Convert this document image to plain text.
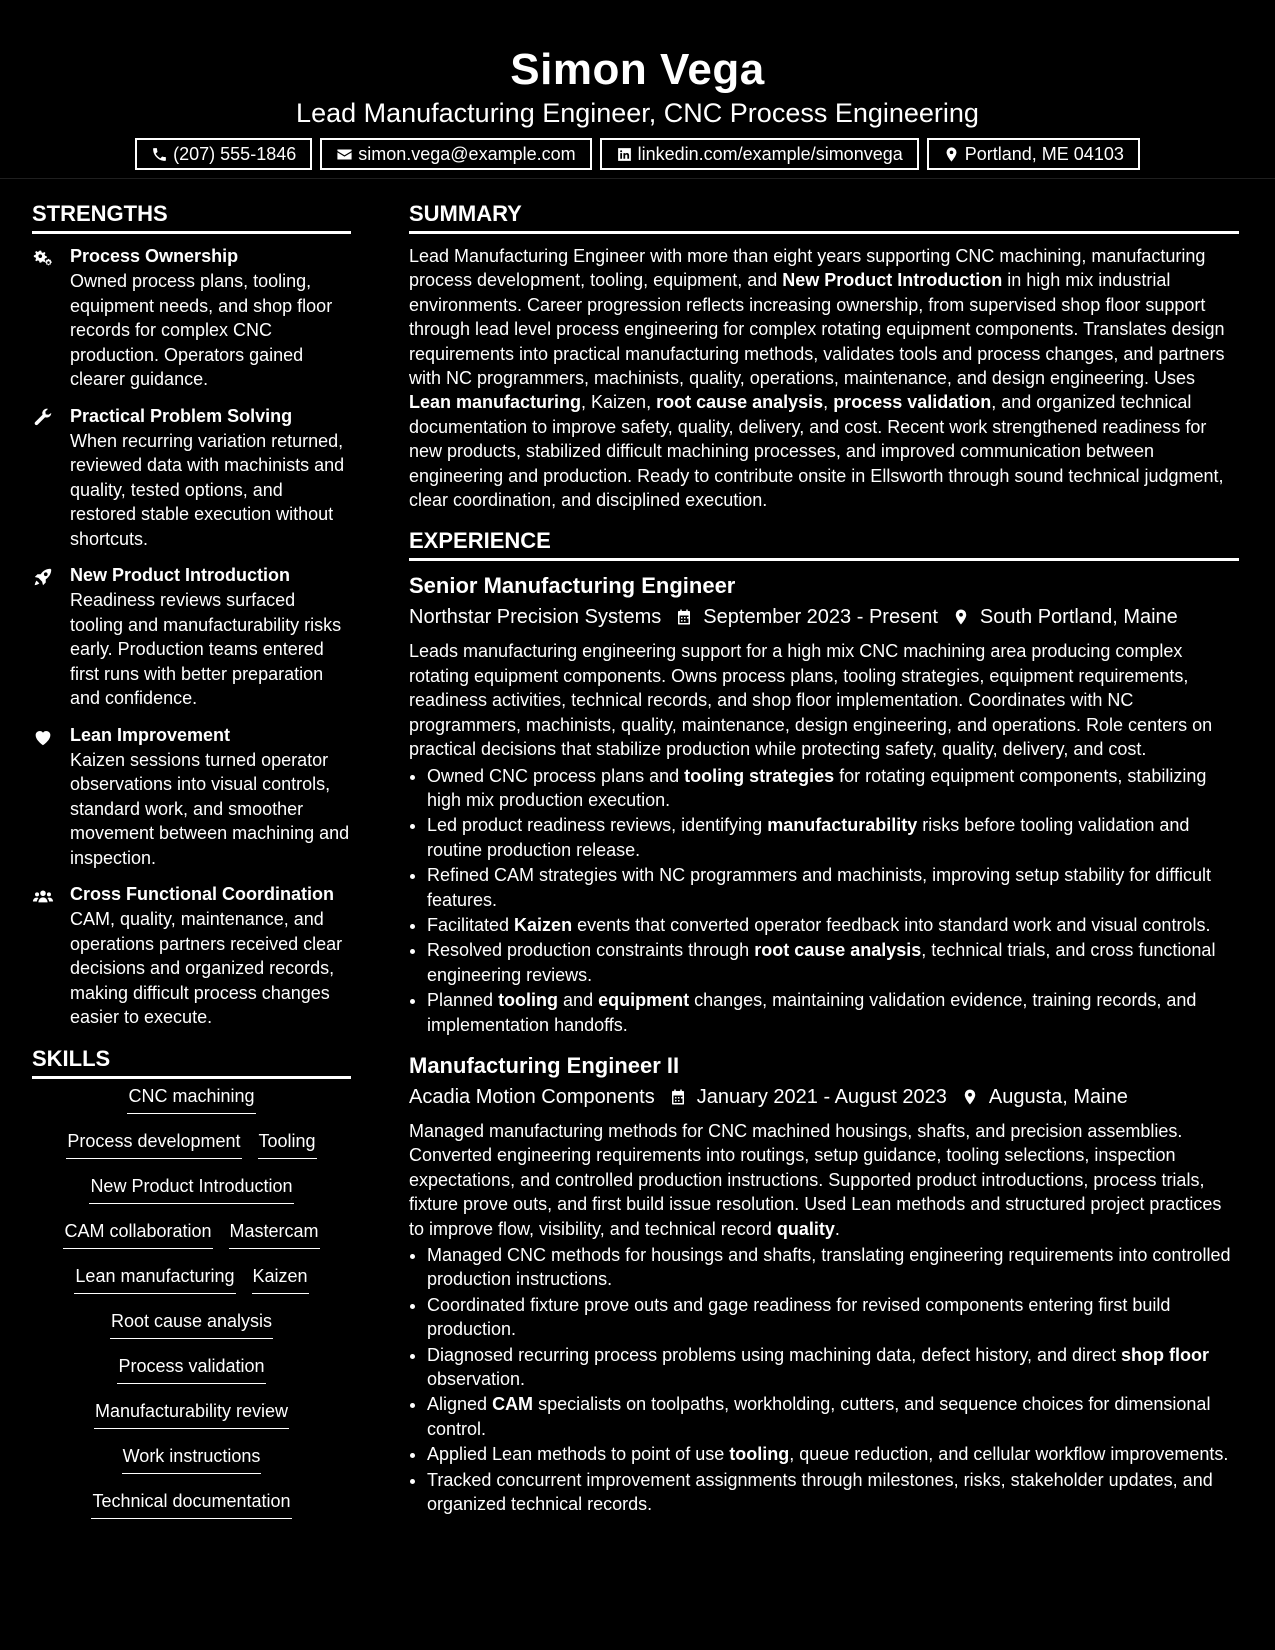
Simon Vega
Lead Manufacturing Engineer, CNC Process Engineering
(207) 555-1846	simon.vega@example.com	linkedin.com/example/simonvega	Portland, ME 04103
STRENGTHS
Process Ownership
Owned process plans, tooling, equipment needs, and shop floor records for complex CNC production. Operators gained clearer guidance.
Practical Problem Solving
When recurring variation returned, reviewed data with machinists and quality, tested options, and restored stable execution without shortcuts.
New Product Introduction
Readiness reviews surfaced tooling and manufacturability risks early. Production teams entered first runs with better preparation and confidence.
Lean Improvement
Kaizen sessions turned operator observations into visual controls, standard work, and smoother movement between machining and inspection.
Cross Functional Coordination
CAM, quality, maintenance, and operations partners received clear decisions and organized records, making difficult process changes easier to execute.
SKILLS
CNC machining
Process development Tooling
New Product Introduction
CAM collaboration Mastercam
Lean manufacturing Kaizen
Root cause analysis
Process validation
Manufacturability review
Work instructions
Technical documentation
SUMMARY
Lead Manufacturing Engineer with more than eight years supporting CNC machining, manufacturing process development, tooling, equipment, and New Product Introduction in high mix industrial environments. Career progression reflects increasing ownership, from supervised shop floor support through lead level process engineering for complex rotating equipment components. Translates design requirements into practical manufacturing methods, validates tools and process changes, and partners with NC programmers, machinists, quality, operations, maintenance, and design engineering. Uses Lean manufacturing, Kaizen, root cause analysis, process validation, and organized technical documentation to improve safety, quality, delivery, and cost. Recent work strengthened readiness for new products, stabilized difficult machining processes, and improved communication between engineering and production. Ready to contribute onsite in Ellsworth through sound technical judgment, clear coordination, and disciplined execution.
EXPERIENCE
Senior Manufacturing Engineer
Northstar Precision Systems September 2023 - Present South Portland, Maine
Leads manufacturing engineering support for a high mix CNC machining area producing complex rotating equipment components. Owns process plans, tooling strategies, equipment requirements, readiness activities, technical records, and shop floor implementation. Coordinates with NC programmers, machinists, quality, maintenance, design engineering, and operations. Role centers on practical decisions that stabilize production while protecting safety, quality, delivery, and cost.
• Owned CNC process plans and tooling strategies for rotating equipment components, stabilizing high mix production execution.
• Led product readiness reviews, identifying manufacturability risks before tooling validation and routine production release.
• Refined CAM strategies with NC programmers and machinists, improving setup stability for difficult features.
• Facilitated Kaizen events that converted operator feedback into standard work and visual controls.
• Resolved production constraints through root cause analysis, technical trials, and cross functional engineering reviews.
• Planned tooling and equipment changes, maintaining validation evidence, training records, and implementation handoffs.
Manufacturing Engineer II
Acadia Motion Components January 2021 - August 2023 Augusta, Maine
Managed manufacturing methods for CNC machined housings, shafts, and precision assemblies. Converted engineering requirements into routings, setup guidance, tooling selections, inspection expectations, and controlled production instructions. Supported product introductions, process trials, fixture prove outs, and first build issue resolution. Used Lean methods and structured project practices to improve flow, visibility, and technical record quality.
• Managed CNC methods for housings and shafts, translating engineering requirements into controlled production instructions.
• Coordinated fixture prove outs and gage readiness for revised components entering first build production.
• Diagnosed recurring process problems using machining data, defect history, and direct shop floor observation.
• Aligned CAM specialists on toolpaths, workholding, cutters, and sequence choices for dimensional control.
• Applied Lean methods to point of use tooling, queue reduction, and cellular workflow improvements.
• Tracked concurrent improvement assignments through milestones, risks, stakeholder updates, and organized technical records.
